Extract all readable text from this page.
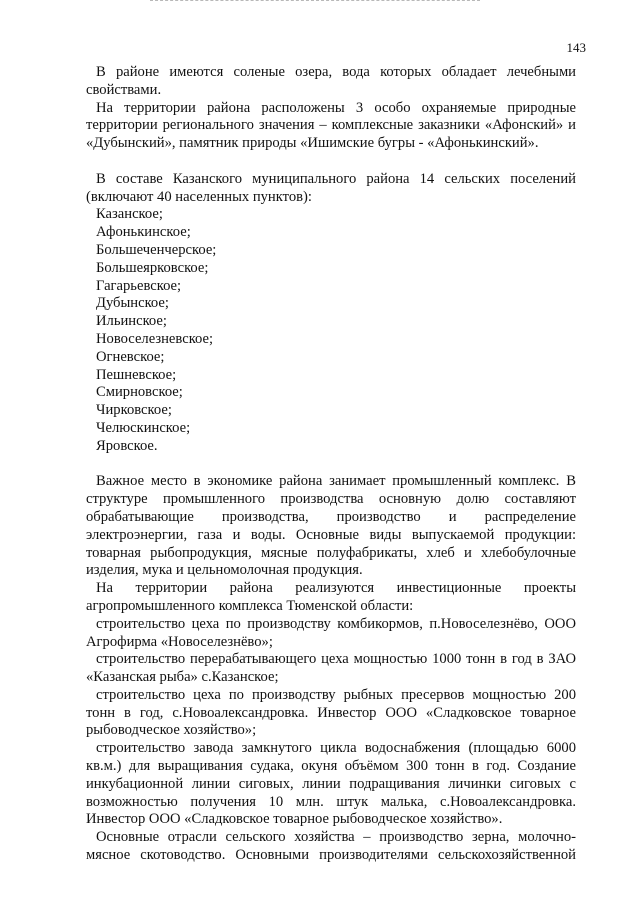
143

В районе имеются соленые озера, вода которых обладает лечебными свойствами.

На территории района расположены 3 особо охраняемые природные территории регионального значения – комплексные заказники «Афонский» и «Дубынский», памятник природы «Ишимские бугры - «Афонькинский».

В составе Казанского муниципального района 14 сельских поселений (включают 40 населенных пунктов):

Казанское;
Афонькинское;
Большеченчерское;
Большеярковское;
Гагарьевское;
Дубынское;
Ильинское;
Новоселезневское;
Огневское;
Пешневское;
Смирновское;
Чирковское;
Челюскинское;
Яровское.

Важное место в экономике района занимает промышленный комплекс. В структуре промышленного производства основную долю составляют обрабатывающие производства, производство и распределение электроэнергии, газа и воды. Основные виды выпускаемой продукции: товарная рыбопродукция, мясные полуфабрикаты, хлеб и хлебобулочные изделия, мука и цельномолочная продукция.

На территории района реализуются инвестиционные проекты агропромышленного комплекса Тюменской области:

строительство цеха по производству комбикормов, п.Новоселезнёво, ООО Агрофирма «Новоселезнёво»;

строительство перерабатывающего цеха мощностью 1000 тонн в год в ЗАО «Казанская рыба» с.Казанское;

строительство цеха по производству рыбных пресервов мощностью 200 тонн в год, с.Новоалександровка. Инвестор ООО «Сладковское товарное рыбоводческое хозяйство»;

строительство завода замкнутого цикла водоснабжения (площадью 6000 кв.м.) для выращивания судака, окуня объёмом 300 тонн в год. Создание инкубационной линии сиговых, линии подращивания личинки сиговых с возможностью получения 10 млн. штук малька, с.Новоалександровка. Инвестор ООО «Сладковское товарное рыбоводческое хозяйство».

Основные отрасли сельского хозяйства – производство зерна, молочно-мясное скотоводство. Основными производителями сельскохозяйственной
